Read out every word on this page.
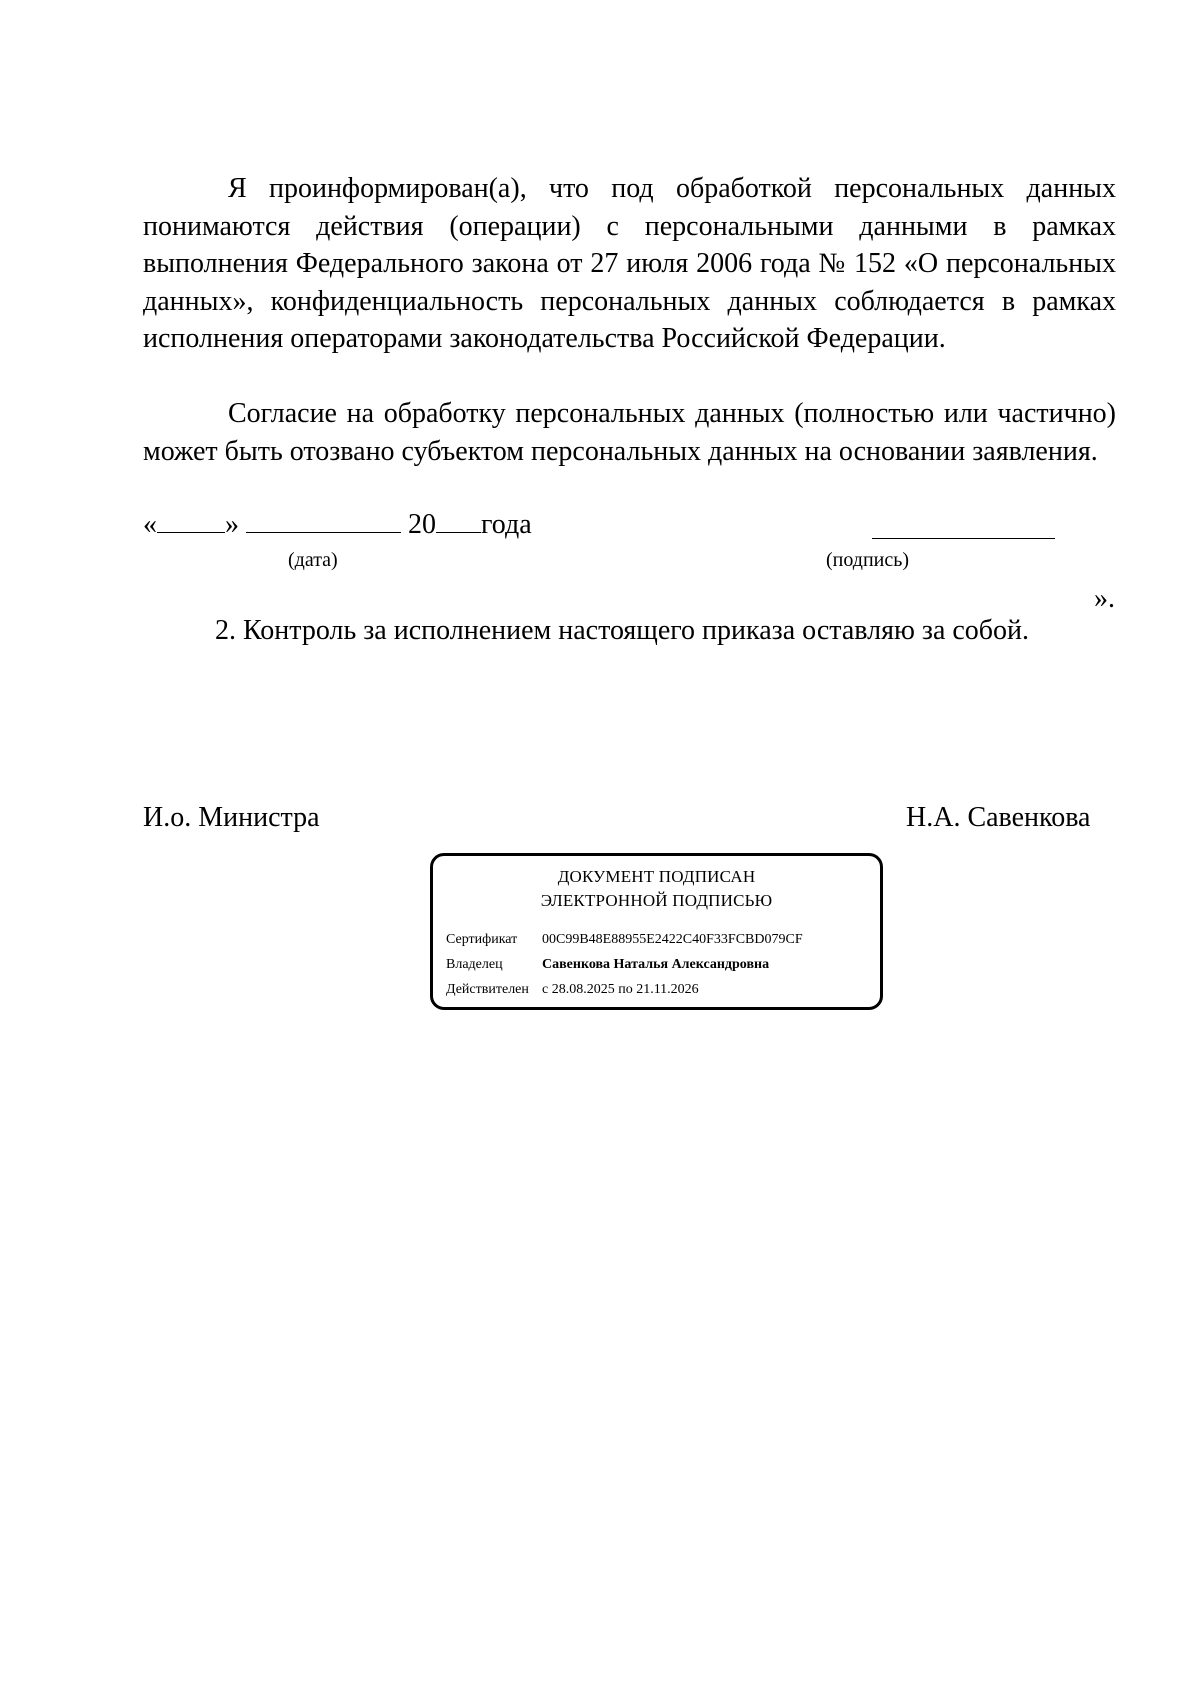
Я проинформирован(а), что под обработкой персональных данных понимаются действия (операции) с персональными данными в рамках выполнения Федерального закона от 27 июля 2006 года № 152 «О персональных данных», конфиденциальность персональных данных соблюдается в рамках исполнения операторами законодательства Российской Федерации.

Согласие на обработку персональных данных (полностью или частично) может быть отозвано субъектом персональных данных на основании заявления.

« »	20 года
(дата)	(подпись)
».
2. Контроль за исполнением настоящего приказа оставляю за собой.
И.о. Министра	Н.А. Савенкова
ДОКУМЕНТ ПОДПИСАН
ЭЛЕКТРОННОЙ ПОДПИСЬЮ
Сертификат 00C99B48E88955E2422C40F33FCBD079CF
Владелец	Савенкова Наталья Александровна
Действителен с 28.08.2025 по 21.11.2026
